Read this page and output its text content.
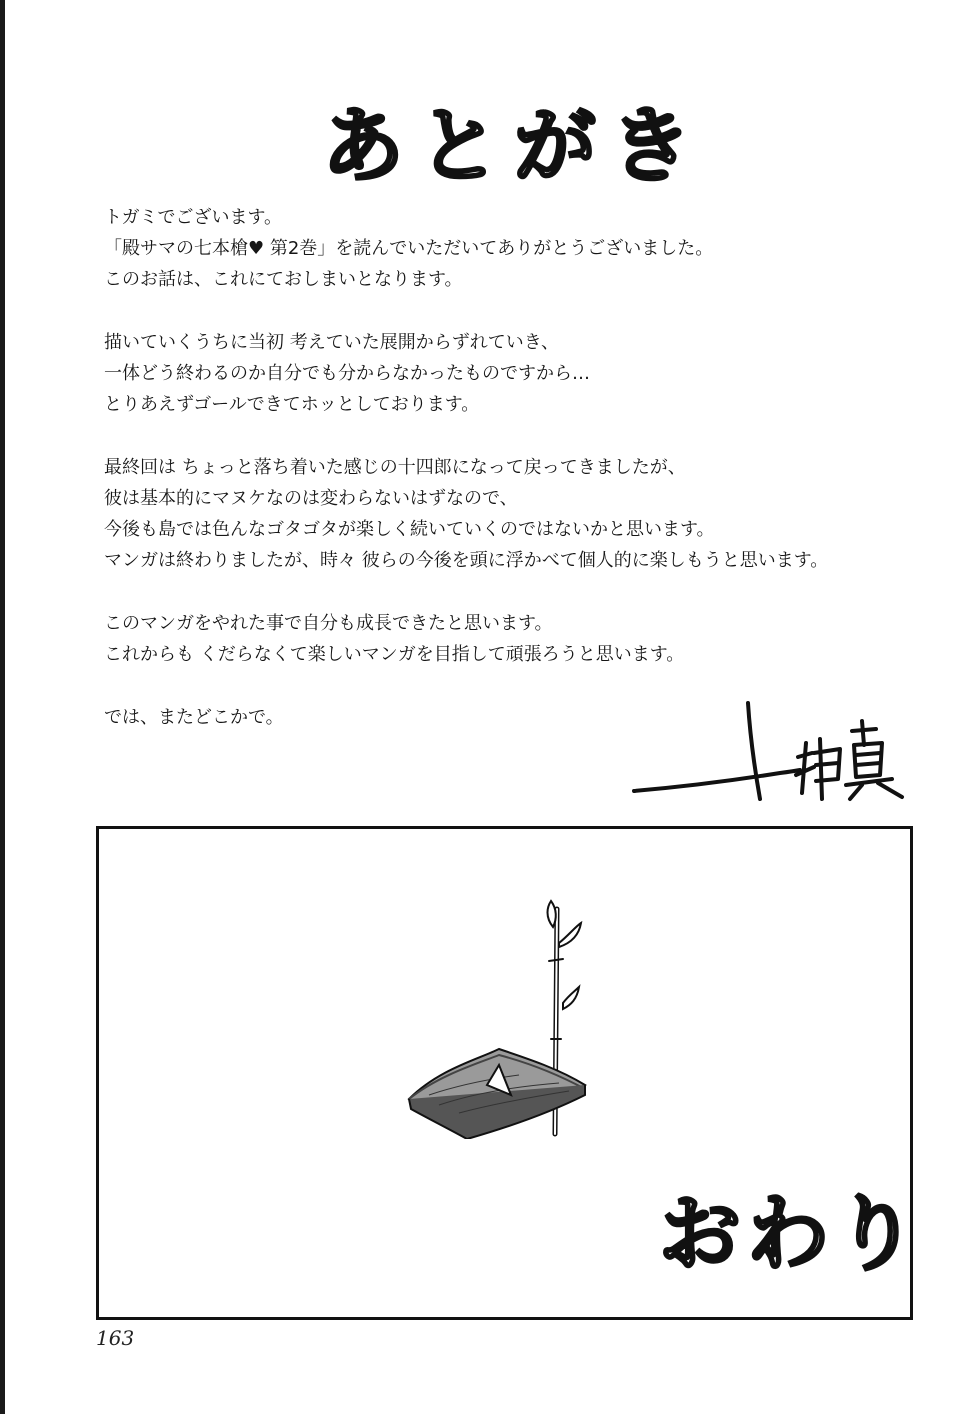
あとがき
トガミでございます。
「殿サマの七本槍♥ 第2巻」を読んでいただいてありがとうございました。
このお話は、これにておしまいとなります。
描いていくうちに当初 考えていた展開からずれていき、
一体どう終わるのか自分でも分からなかったものですから…
とりあえずゴールできてホッとしております。
最終回は ちょっと落ち着いた感じの十四郎になって戻ってきましたが、
彼は基本的にマヌケなのは変わらないはずなので、
今後も島では色んなゴタゴタが楽しく続いていくのではないかと思います。
マンガは終わりましたが、時々 彼らの今後を頭に浮かべて個人的に楽しもうと思います。
このマンガをやれた事で自分も成長できたと思います。
これからも くだらなくて楽しいマンガを目指して頑張ろうと思います。
では、またどこかで。
おわり
163
